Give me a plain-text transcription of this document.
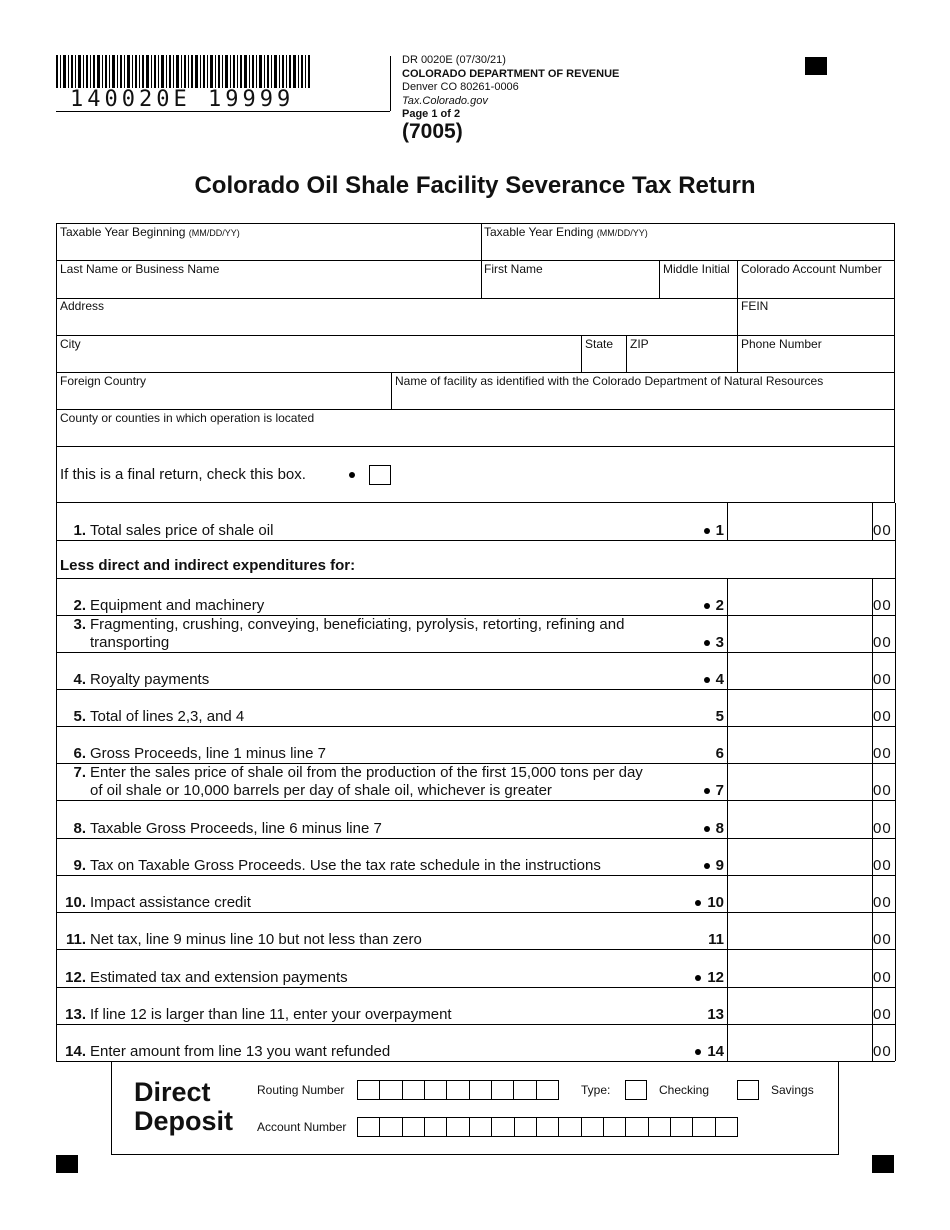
140020E 19999
DR 0020E (07/30/21)
COLORADO DEPARTMENT OF REVENUE
Denver CO 80261-0006
Tax.Colorado.gov
Page 1 of 2
(7005)
Colorado Oil Shale Facility Severance Tax Return
Taxable Year Beginning (MM/DD/YY)	Taxable Year Ending (MM/DD/YY)
Last Name or Business Name	First Name	Middle Initial Colorado Account Number
Address	FEIN
City	State ZIP	Phone Number
Foreign Country	Name of facility as identified with the Colorado Department of Natural Resources
County or counties in which operation is located
If this is a final return, check this box.
Less direct and indirect expenditures for:
1. Total sales price of shale oil	1	00
2. Equipment and machinery	2	00
3. Fragmenting, crushing, conveying, beneficiating, pyrolysis, retorting, refining and
transporting	3	00
4. Royalty payments	4	00
5. Total of lines 2,3, and 4	5	00
6. Gross Proceeds, line 1 minus line 7	6	00
7. Enter the sales price of shale oil from the production of the first 15,000 tons per day
of oil shale or 10,000 barrels per day of shale oil, whichever is greater	7	00
8. Taxable Gross Proceeds, line 6 minus line 7	8	00
9. Tax on Taxable Gross Proceeds. Use the tax rate schedule in the instructions	9	00
10. Impact assistance credit	10	00
11. Net tax, line 9 minus line 10 but not less than zero	11	00
12. Estimated tax and extension payments	12	00
13. If line 12 is larger than line 11, enter your overpayment	13	00
14. Enter amount from line 13 you want refunded	14	00
Direct
Deposit
Routing Number	Type:	Checking	Savings
Account Number
